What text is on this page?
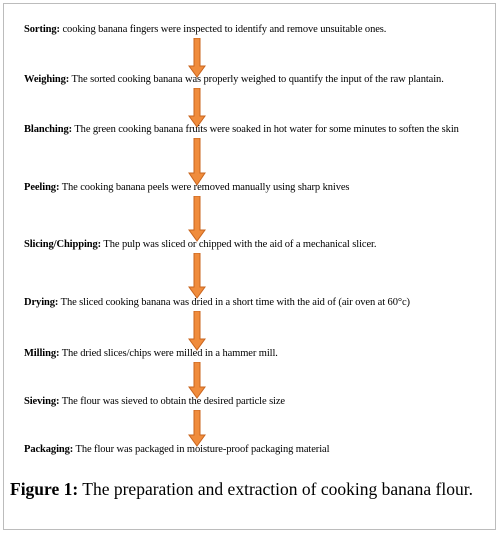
Sorting: cooking banana fingers were inspected to identify and remove unsuitable ones.
Weighing: The sorted cooking banana was properly weighed to quantify the input of the raw plantain.
Blanching: The green cooking banana fruits were soaked in hot water for some minutes to soften the skin
Peeling: The cooking banana peels were removed manually using sharp knives
Slicing/Chipping: The pulp was sliced or chipped with the aid of a mechanical slicer.
Drying: The sliced cooking banana was dried in a short time with the aid of (air oven at 60°c)
Milling: The dried slices/chips were milled in a hammer mill.
Sieving: The flour was sieved to obtain the desired particle size
Packaging: The flour was packaged in moisture-proof packaging material
Figure 1: The preparation and extraction of cooking banana flour.
